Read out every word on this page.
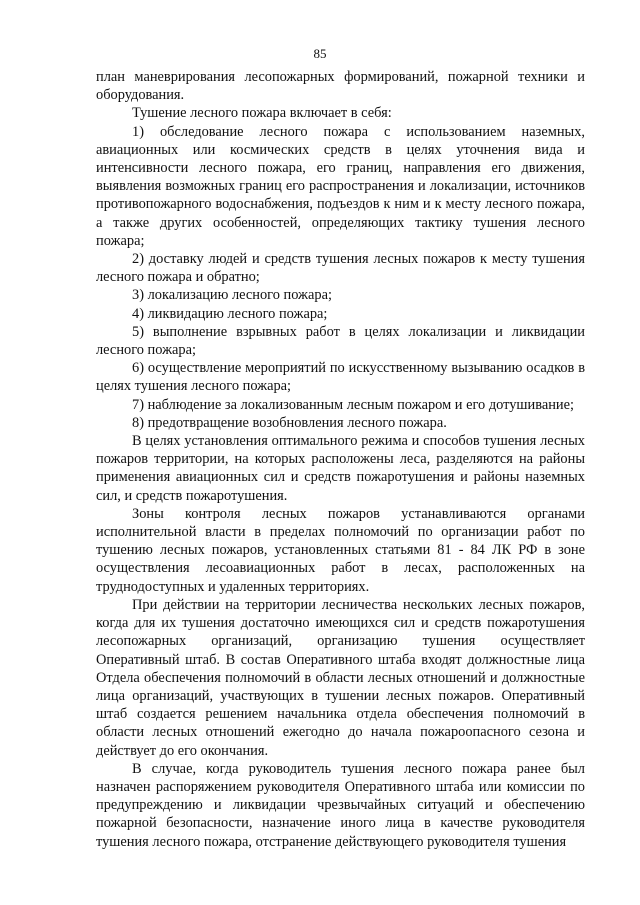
85

план маневрирования лесопожарных формирований, пожарной техники и оборудования.

Тушение лесного пожара включает в себя:

1) обследование лесного пожара с использованием наземных, авиационных или космических средств в целях уточнения вида и интенсивности лесного пожара, его границ, направления его движения, выявления возможных границ его распространения и локализации, источников противопожарного водоснабжения, подъездов к ним и к месту лесного пожара, а также других особенностей, определяющих тактику тушения лесного пожара;

2) доставку людей и средств тушения лесных пожаров к месту тушения лесного пожара и обратно;

3) локализацию лесного пожара;

4) ликвидацию лесного пожара;

5) выполнение взрывных работ в целях локализации и ликвидации лесного пожара;

6) осуществление мероприятий по искусственному вызыванию осадков в целях тушения лесного пожара;

7) наблюдение за локализованным лесным пожаром и его дотушивание;

8) предотвращение возобновления лесного пожара.

В целях установления оптимального режима и способов тушения лесных пожаров территории, на которых расположены леса, разделяются на районы применения авиационных сил и средств пожаротушения и районы наземных сил, и средств пожаротушения.

Зоны контроля лесных пожаров устанавливаются органами исполнительной власти в пределах полномочий по организации работ по тушению лесных пожаров, установленных статьями 81 - 84 ЛК РФ в зоне осуществления лесоавиационных работ в лесах, расположенных на труднодоступных и удаленных территориях.

При действии на территории лесничества нескольких лесных пожаров, когда для их тушения достаточно имеющихся сил и средств пожаротушения лесопожарных организаций, организацию тушения осуществляет Оперативный штаб. В состав Оперативного штаба входят должностные лица Отдела обеспечения полномочий в области лесных отношений и должностные лица организаций, участвующих в тушении лесных пожаров. Оперативный штаб создается решением начальника отдела обеспечения полномочий в области лесных отношений ежегодно до начала пожароопасного сезона и действует до его окончания.

В случае, когда руководитель тушения лесного пожара ранее был назначен распоряжением руководителя Оперативного штаба или комиссии по предупреждению и ликвидации чрезвычайных ситуаций и обеспечению пожарной безопасности, назначение иного лица в качестве руководителя тушения лесного пожара, отстранение действующего руководителя тушения
